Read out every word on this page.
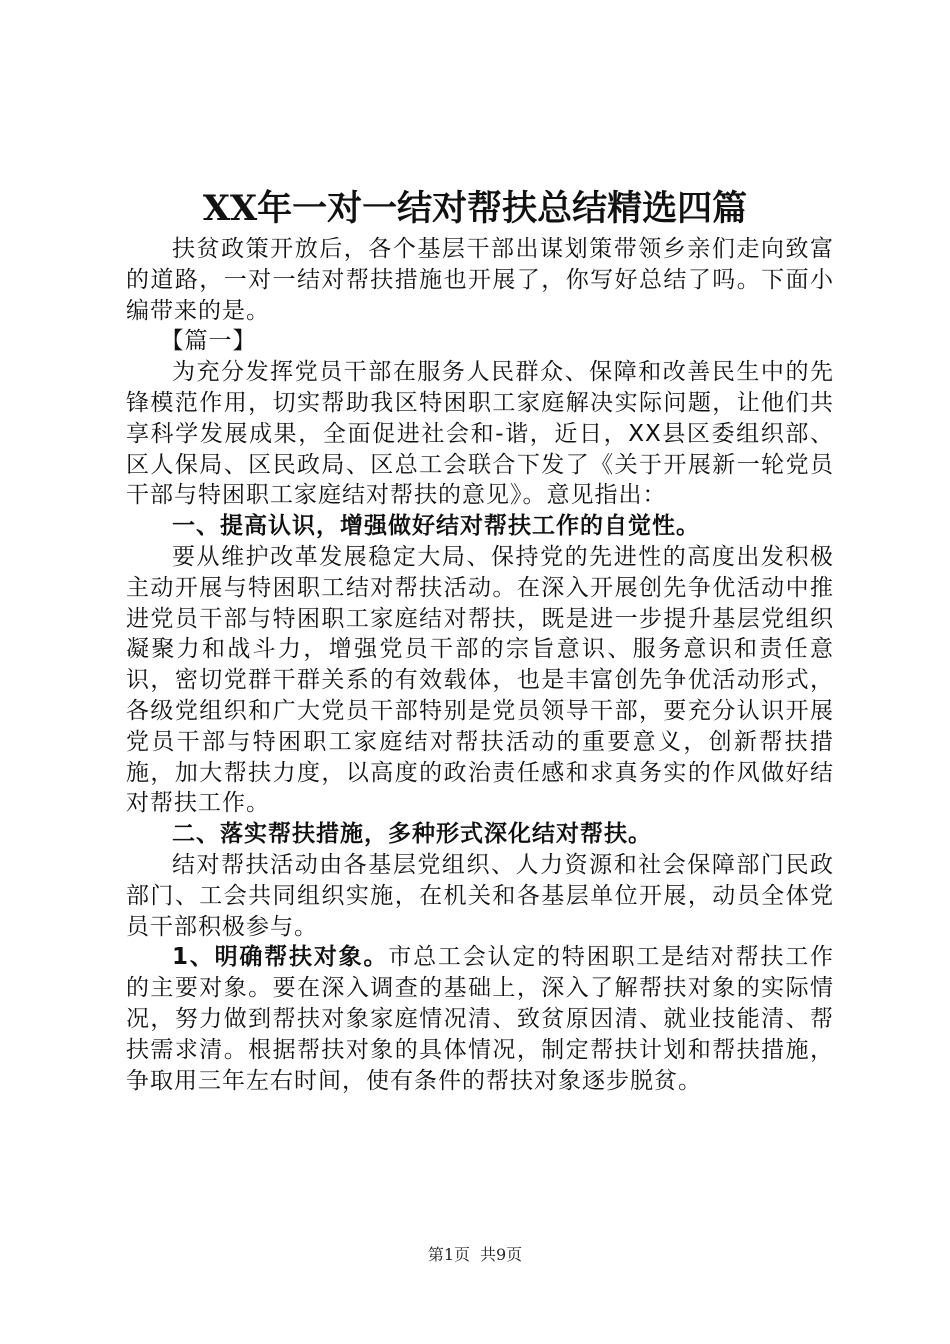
XX年一对一结对帮扶总结精选四篇

扶贫政策开放后，各个基层干部出谋划策带领乡亲们走向致富的道路，一对一结对帮扶措施也开展了，你写好总结了吗。下面小编带来的是。

【篇一】

为充分发挥党员干部在服务人民群众、保障和改善民生中的先锋模范作用，切实帮助我区特困职工家庭解决实际问题，让他们共享科学发展成果，全面促进社会和-谐，近日，XX县区委组织部、区人保局、区民政局、区总工会联合下发了《关于开展新一轮党员干部与特困职工家庭结对帮扶的意见》。意见指出：

一、提高认识，增强做好结对帮扶工作的自觉性。

要从维护改革发展稳定大局、保持党的先进性的高度出发积极主动开展与特困职工结对帮扶活动。在深入开展创先争优活动中推进党员干部与特困职工家庭结对帮扶，既是进一步提升基层党组织凝聚力和战斗力，增强党员干部的宗旨意识、服务意识和责任意识，密切党群干群关系的有效载体，也是丰富创先争优活动形式，各级党组织和广大党员干部特别是党员领导干部，要充分认识开展党员干部与特困职工家庭结对帮扶活动的重要意义，创新帮扶措施，加大帮扶力度，以高度的政治责任感和求真务实的作风做好结对帮扶工作。

二、落实帮扶措施，多种形式深化结对帮扶。

结对帮扶活动由各基层党组织、人力资源和社会保障部门民政部门、工会共同组织实施，在机关和各基层单位开展，动员全体党员干部积极参与。

1、明确帮扶对象。市总工会认定的特困职工是结对帮扶工作的主要对象。要在深入调查的基础上，深入了解帮扶对象的实际情况，努力做到帮扶对象家庭情况清、致贫原因清、就业技能清、帮扶需求清。根据帮扶对象的具体情况，制定帮扶计划和帮扶措施，争取用三年左右时间，使有条件的帮扶对象逐步脱贫。

第1页 共9页
